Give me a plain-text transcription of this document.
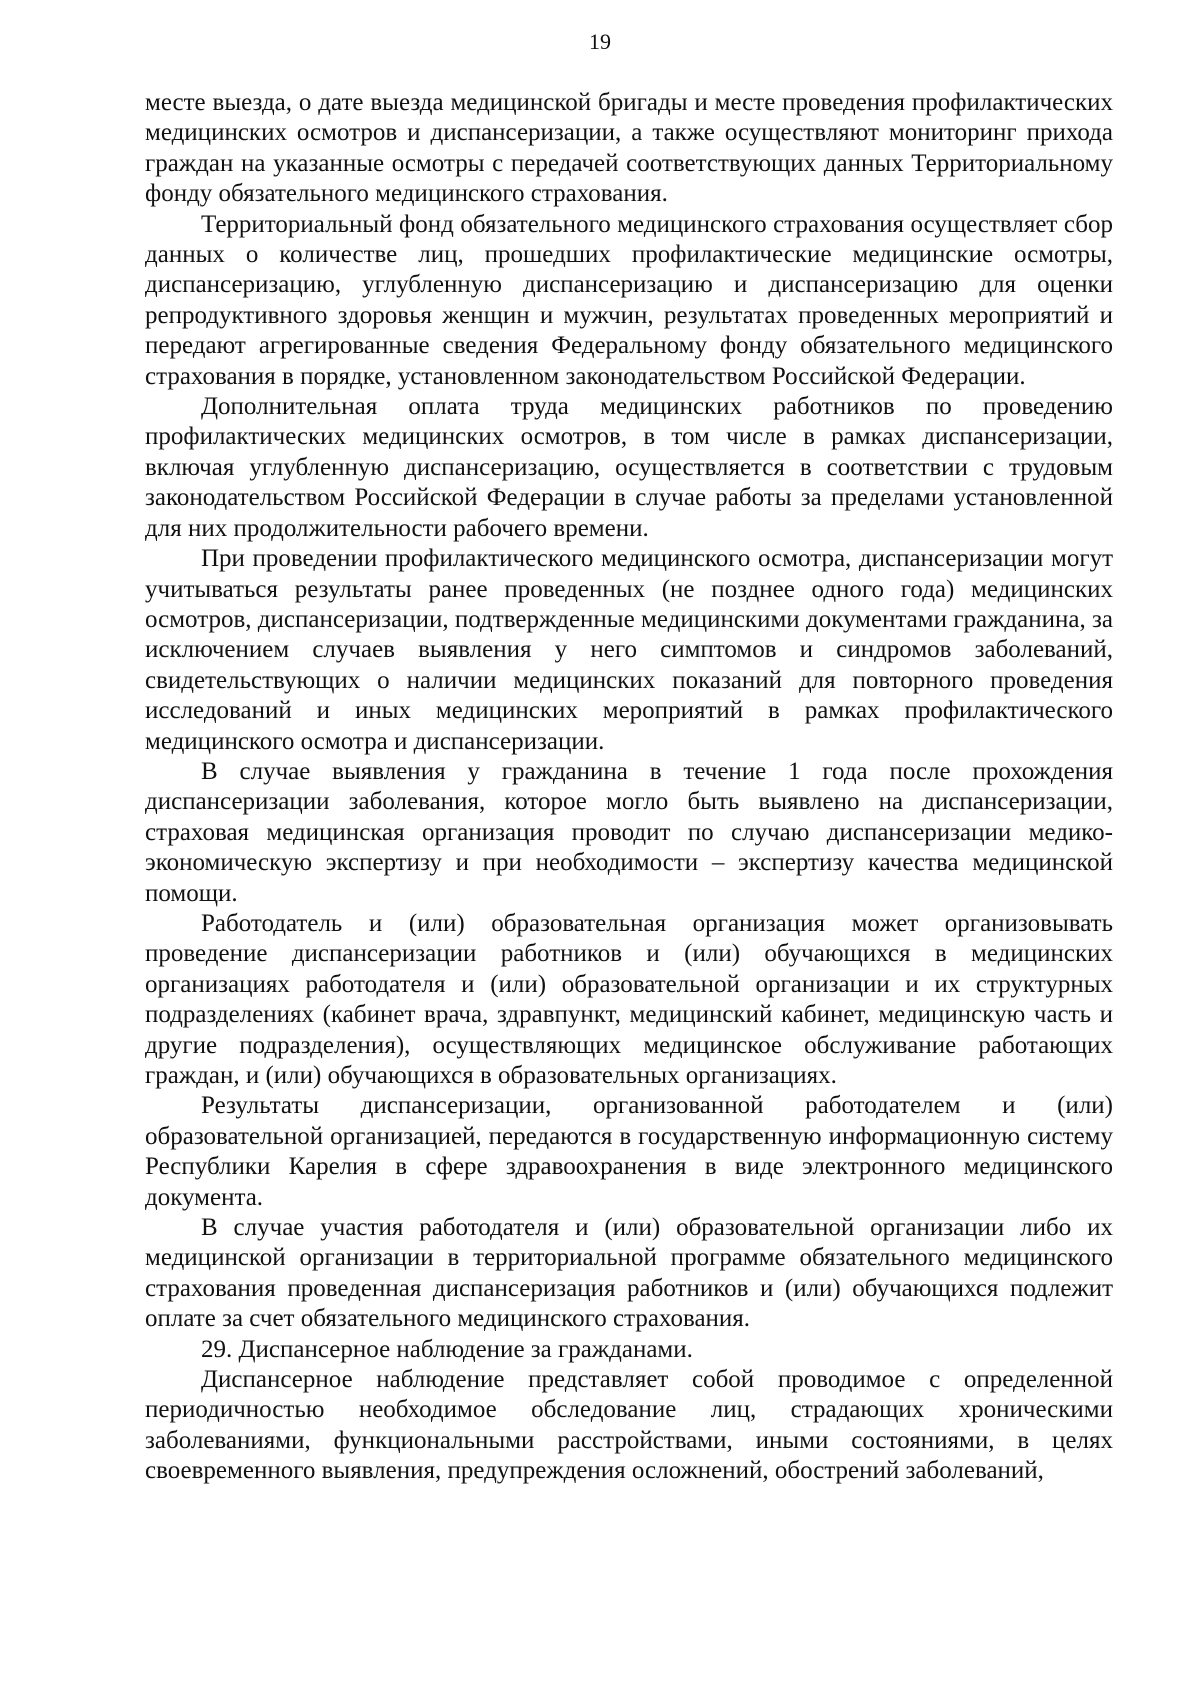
19

месте выезда, о дате выезда медицинской бригады и месте проведения профилактических медицинских осмотров и диспансеризации, а также осуществляют мониторинг прихода граждан на указанные осмотры с передачей соответствующих данных Территориальному фонду обязательного медицинского страхования.

Территориальный фонд обязательного медицинского страхования осуществляет сбор данных о количестве лиц, прошедших профилактические медицинские осмотры, диспансеризацию, углубленную диспансеризацию и диспансеризацию для оценки репродуктивного здоровья женщин и мужчин, результатах проведенных мероприятий и передают агрегированные сведения Федеральному фонду обязательного медицинского страхования в порядке, установленном законодательством Российской Федерации.

Дополнительная оплата труда медицинских работников по проведению профилактических медицинских осмотров, в том числе в рамках диспансеризации, включая углубленную диспансеризацию, осуществляется в соответствии с трудовым законодательством Российской Федерации в случае работы за пределами установленной для них продолжительности рабочего времени.

При проведении профилактического медицинского осмотра, диспансеризации могут учитываться результаты ранее проведенных (не позднее одного года) медицинских осмотров, диспансеризации, подтвержденные медицинскими документами гражданина, за исключением случаев выявления у него симптомов и синдромов заболеваний, свидетельствующих о наличии медицинских показаний для повторного проведения исследований и иных медицинских мероприятий в рамках профилактического медицинского осмотра и диспансеризации.

В случае выявления у гражданина в течение 1 года после прохождения диспансеризации заболевания, которое могло быть выявлено на диспансеризации, страховая медицинская организация проводит по случаю диспансеризации медико-экономическую экспертизу и при необходимости – экспертизу качества медицинской помощи.

Работодатель и (или) образовательная организация может организовывать проведение диспансеризации работников и (или) обучающихся в медицинских организациях работодателя и (или) образовательной организации и их структурных подразделениях (кабинет врача, здравпункт, медицинский кабинет, медицинскую часть и другие подразделения), осуществляющих медицинское обслуживание работающих граждан, и (или) обучающихся в образовательных организациях.

Результаты диспансеризации, организованной работодателем и (или) образовательной организацией, передаются в государственную информационную систему Республики Карелия в сфере здравоохранения в виде электронного медицинского документа.

В случае участия работодателя и (или) образовательной организации либо их медицинской организации в территориальной программе обязательного медицинского страхования проведенная диспансеризация работников и (или) обучающихся подлежит оплате за счет обязательного медицинского страхования.

29. Диспансерное наблюдение за гражданами.

Диспансерное наблюдение представляет собой проводимое с определенной периодичностью необходимое обследование лиц, страдающих хроническими заболеваниями, функциональными расстройствами, иными состояниями, в целях своевременного выявления, предупреждения осложнений, обострений заболеваний,
